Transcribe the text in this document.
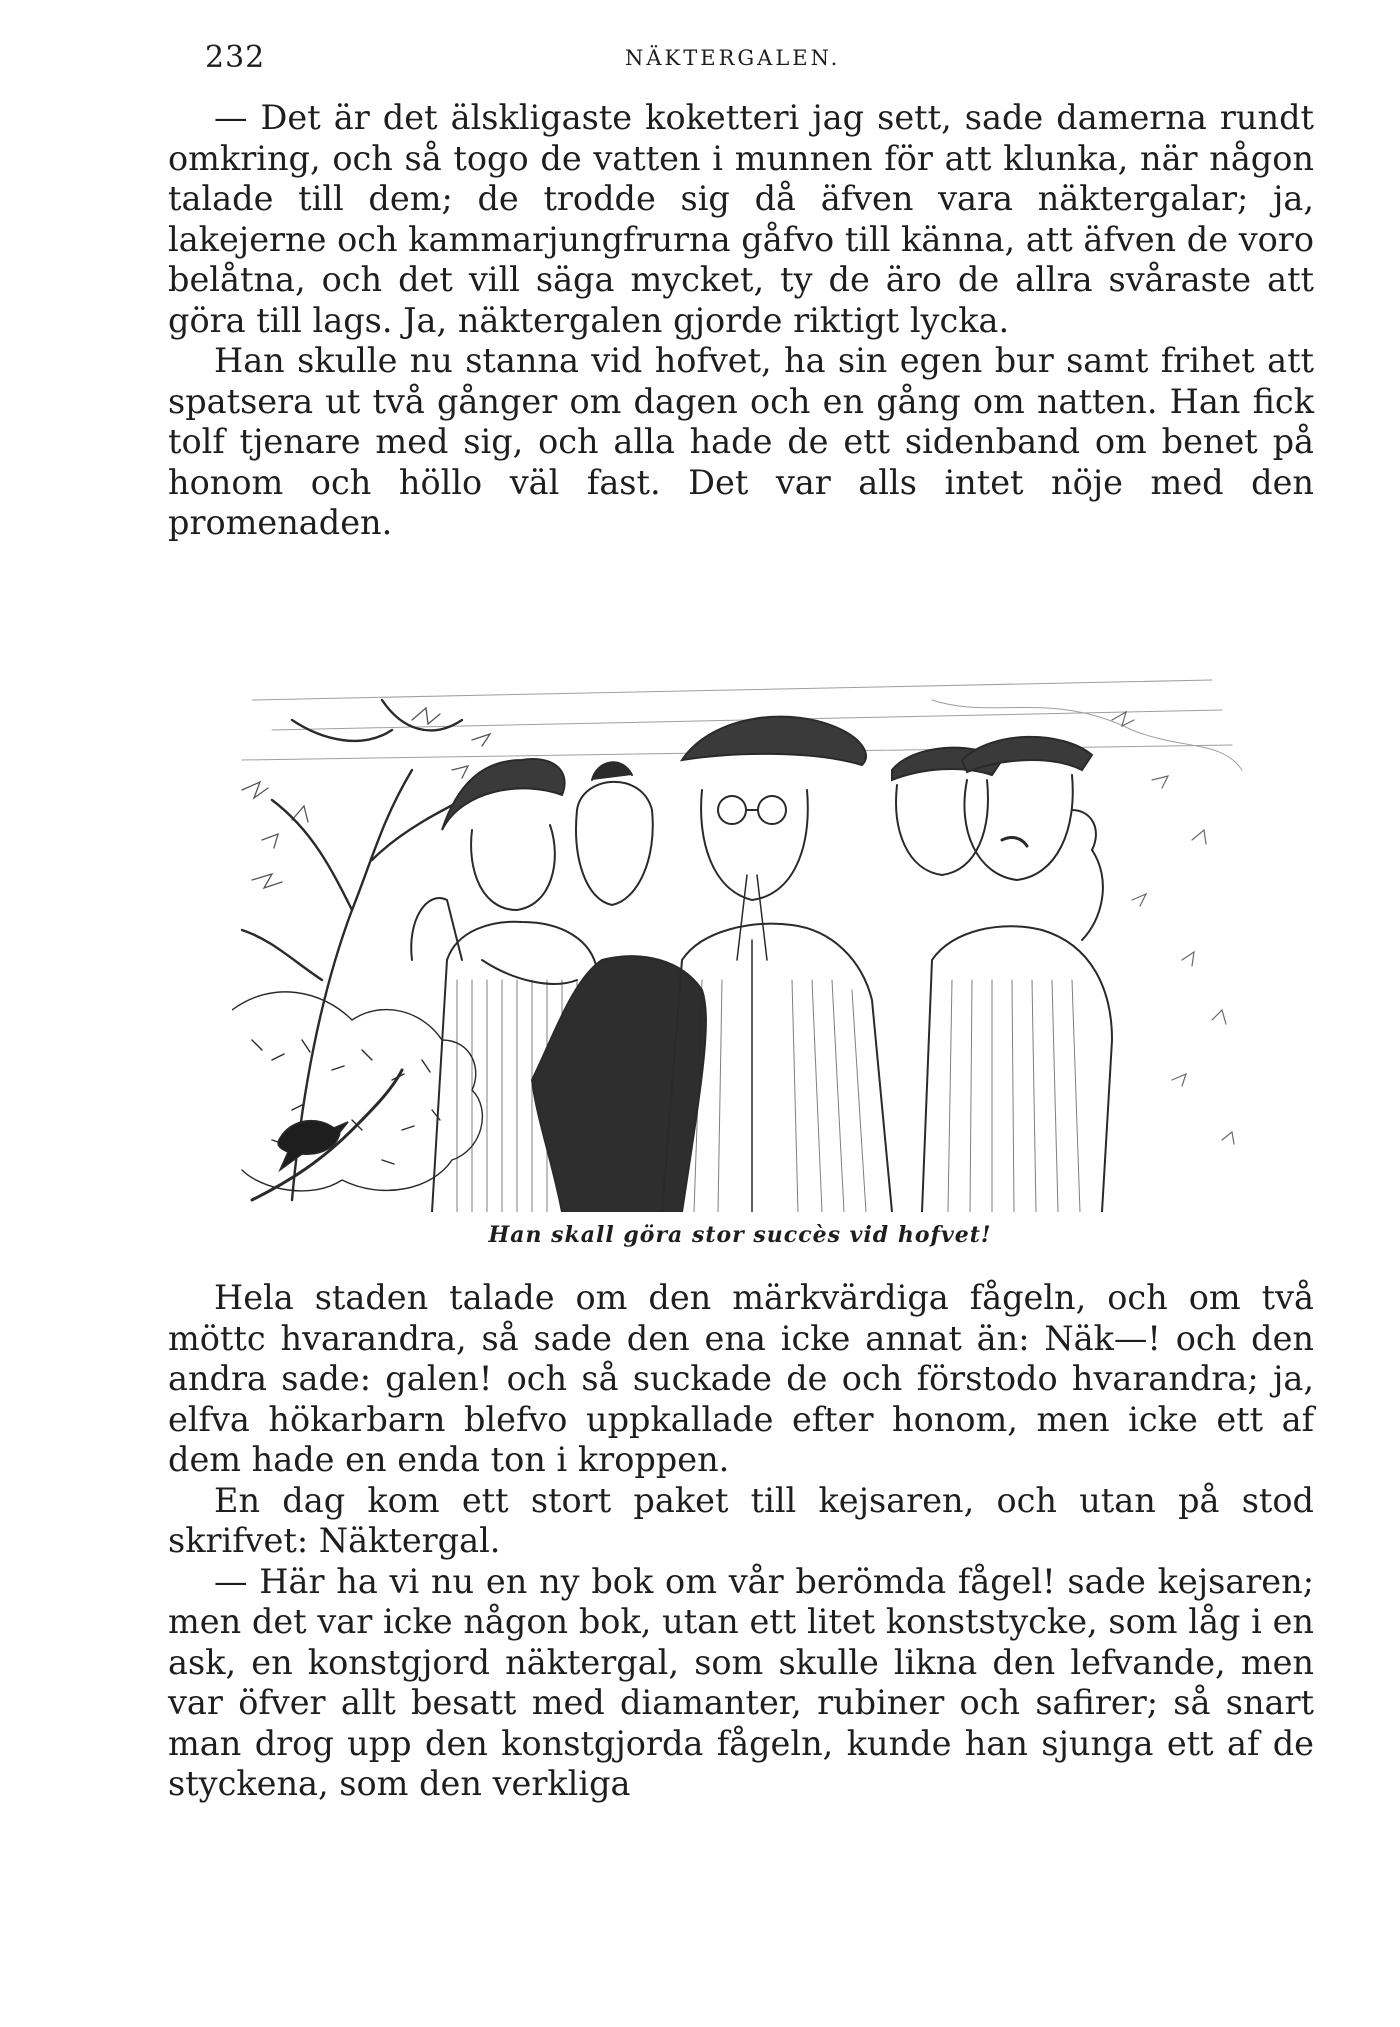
232	NÄKTERGALEN.

— Det är det älskligaste koketteri jag sett, sade damerna rundt omkring, och så togo de vatten i munnen för att klunka, när någon talade till dem; de trodde sig då äfven vara näktergalar; ja, lakejerne och kammarjungfrurna gåfvo till känna, att äfven de voro belåtna, och det vill säga mycket, ty de äro de allra svåraste att göra till lags. Ja, näktergalen gjorde riktigt lycka.

Han skulle nu stanna vid hofvet, ha sin egen bur samt frihet att spatsera ut två gånger om dagen och en gång om natten. Han fick tolf tjenare med sig, och alla hade de ett sidenband om benet på honom och höllo väl fast. Det var alls intet nöje med den promenaden.

Han skall göra stor succès vid hofvet!

Hela staden talade om den märkvärdiga fågeln, och om två möttc hvarandra, så sade den ena icke annat än: Näk—! och den andra sade: galen! och så suckade de och förstodo hvarandra; ja, elfva hökarbarn blefvo uppkallade efter honom, men icke ett af dem hade en enda ton i kroppen.

En dag kom ett stort paket till kejsaren, och utan på stod skrifvet: Näktergal.

— Här ha vi nu en ny bok om vår berömda fågel! sade kejsaren; men det var icke någon bok, utan ett litet konststycke, som låg i en ask, en konstgjord näktergal, som skulle likna den lefvande, men var öfver allt besatt med diamanter, rubiner och safirer; så snart man drog upp den konstgjorda fågeln, kunde han sjunga ett af de styckena, som den verkliga
